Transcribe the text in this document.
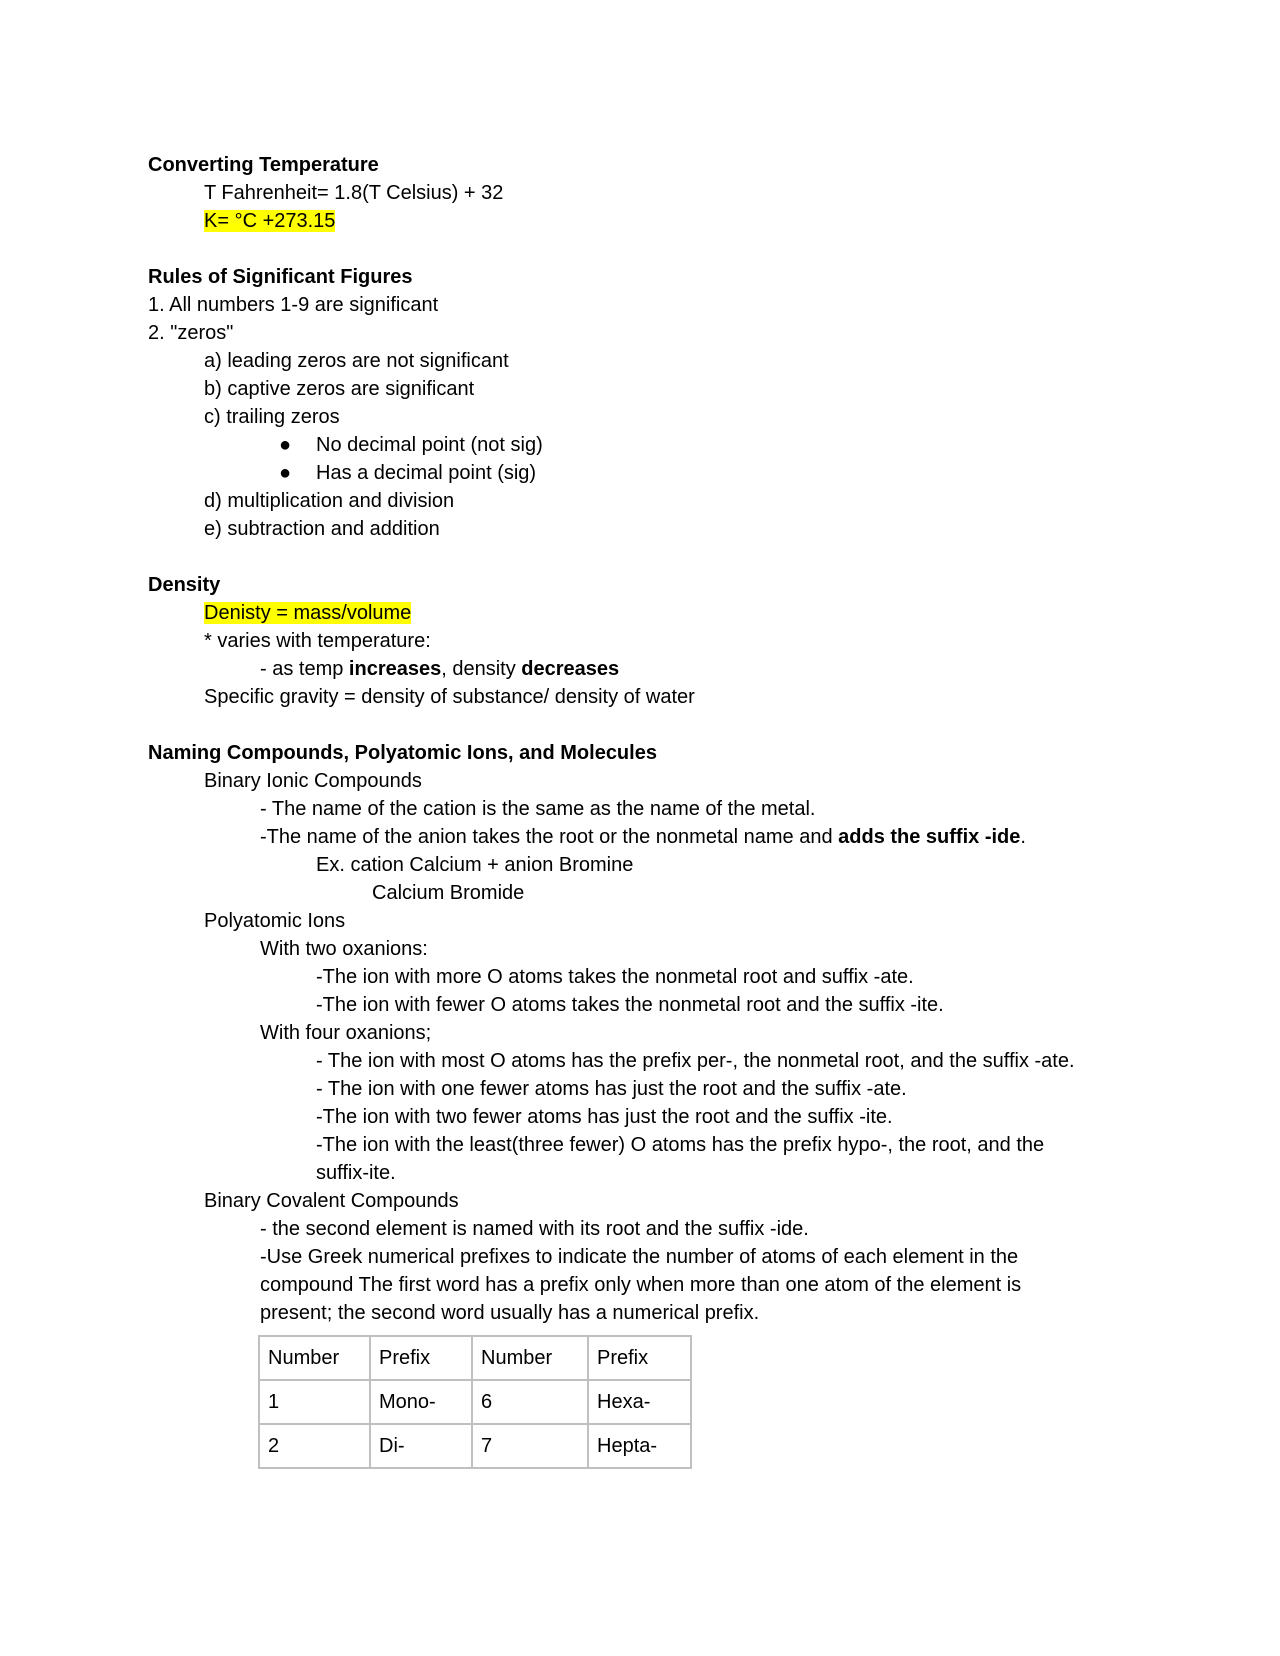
Converting Temperature
T Fahrenheit= 1.8(T Celsius) + 32
K= °C +273.15
Rules of Significant Figures
1. All numbers 1-9 are significant
2. "zeros"
a) leading zeros are not significant
b) captive zeros are significant
c) trailing zeros
● No decimal point (not sig)
● Has a decimal point (sig)
d) multiplication and division
e) subtraction and addition
Density
Denisty = mass/volume
* varies with temperature:
- as temp increases, density decreases
Specific gravity = density of substance/ density of water
Naming Compounds, Polyatomic Ions, and Molecules
Binary Ionic Compounds
- The name of the cation is the same as the name of the metal.
-The name of the anion takes the root or the nonmetal name and adds the suffix -ide.
Ex. cation Calcium + anion Bromine
Calcium Bromide
Polyatomic Ions
With two oxanions:
-The ion with more O atoms takes the nonmetal root and suffix -ate.
-The ion with fewer O atoms takes the nonmetal root and the suffix -ite.
With four oxanions;
- The ion with most O atoms has the prefix per-, the nonmetal root, and the suffix -ate.
- The ion with one fewer atoms has just the root and the suffix -ate.
-The ion with two fewer atoms has just the root and the suffix -ite.
-The ion with the least(three fewer) O atoms has the prefix hypo-, the root, and the
suffix-ite.
Binary Covalent Compounds
- the second element is named with its root and the suffix -ide.
-Use Greek numerical prefixes to indicate the number of atoms of each element in the
compound The first word has a prefix only when more than one atom of the element is
present; the second word usually has a numerical prefix.
Number	Prefix	Number	Prefix
1	Mono-	6	Hexa-
2	Di-	7	Hepta-
